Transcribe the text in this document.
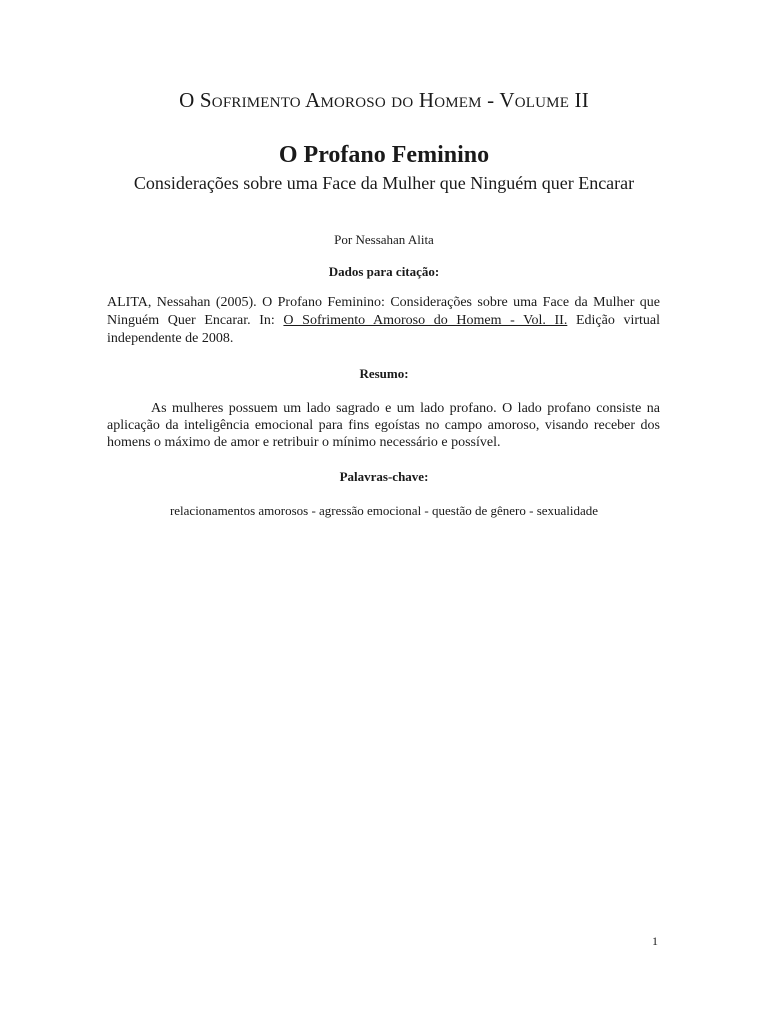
O Sofrimento Amoroso do Homem - Volume II
O Profano Feminino
Considerações sobre uma Face da Mulher que Ninguém quer Encarar
Por Nessahan Alita
Dados para citação:
ALITA, Nessahan (2005). O Profano Feminino: Considerações sobre uma Face da Mulher que Ninguém Quer Encarar. In: O Sofrimento Amoroso do Homem - Vol. II. Edição virtual independente de 2008.
Resumo:
As mulheres possuem um lado sagrado e um lado profano. O lado profano consiste na aplicação da inteligência emocional para fins egoístas no campo amoroso, visando receber dos homens o máximo de amor e retribuir o mínimo necessário e possível.
Palavras-chave:
relacionamentos amorosos - agressão emocional - questão de gênero - sexualidade
1
